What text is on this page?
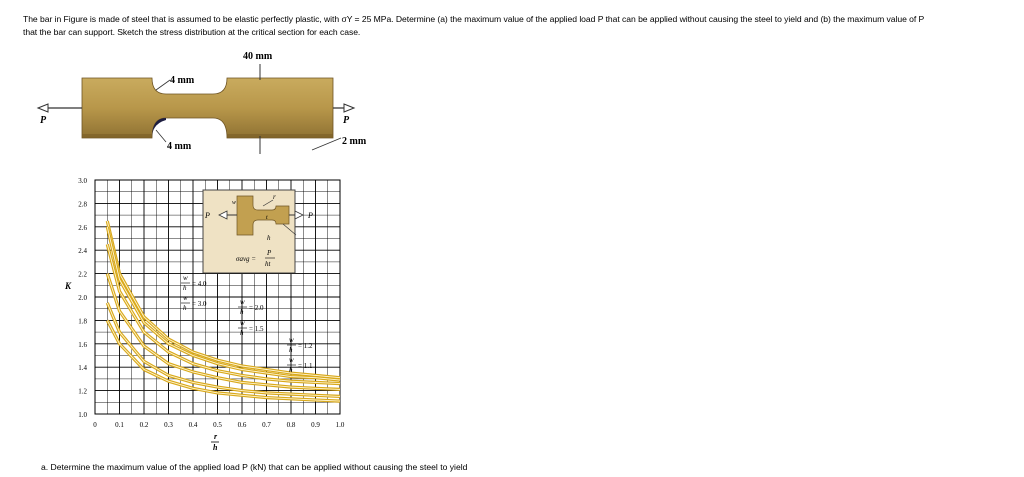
The bar in Figure is made of steel that is assumed to be elastic perfectly plastic, with σY = 25 MPa. Determine (a) the maximum value of the applied load P that can be applied without causing the steel to yield and (b) the maximum value of P
that the bar can support. Sketch the stress distribution at the critical section for each case.
P	P
40 mm
4 mm
4 mm	2 mm
1.0
1.2
1.4
1.6
1.8
2.0
2.2
2.4
2.6
2.8
3.0
0	0.1 0.2 0.3 0.4 0.5 0.6 0.7 0.8 0.9 1.0
K
r
h
P	P
w
r
t
h
σavg =
P
ht
w
h = 4.0
w
h = 3.0	w
h = 2.0
w
h = 1.5
w
h = 1.2
w
h = 1.1
a. Determine the maximum value of the applied load P (kN) that can be applied without causing the steel to yield
